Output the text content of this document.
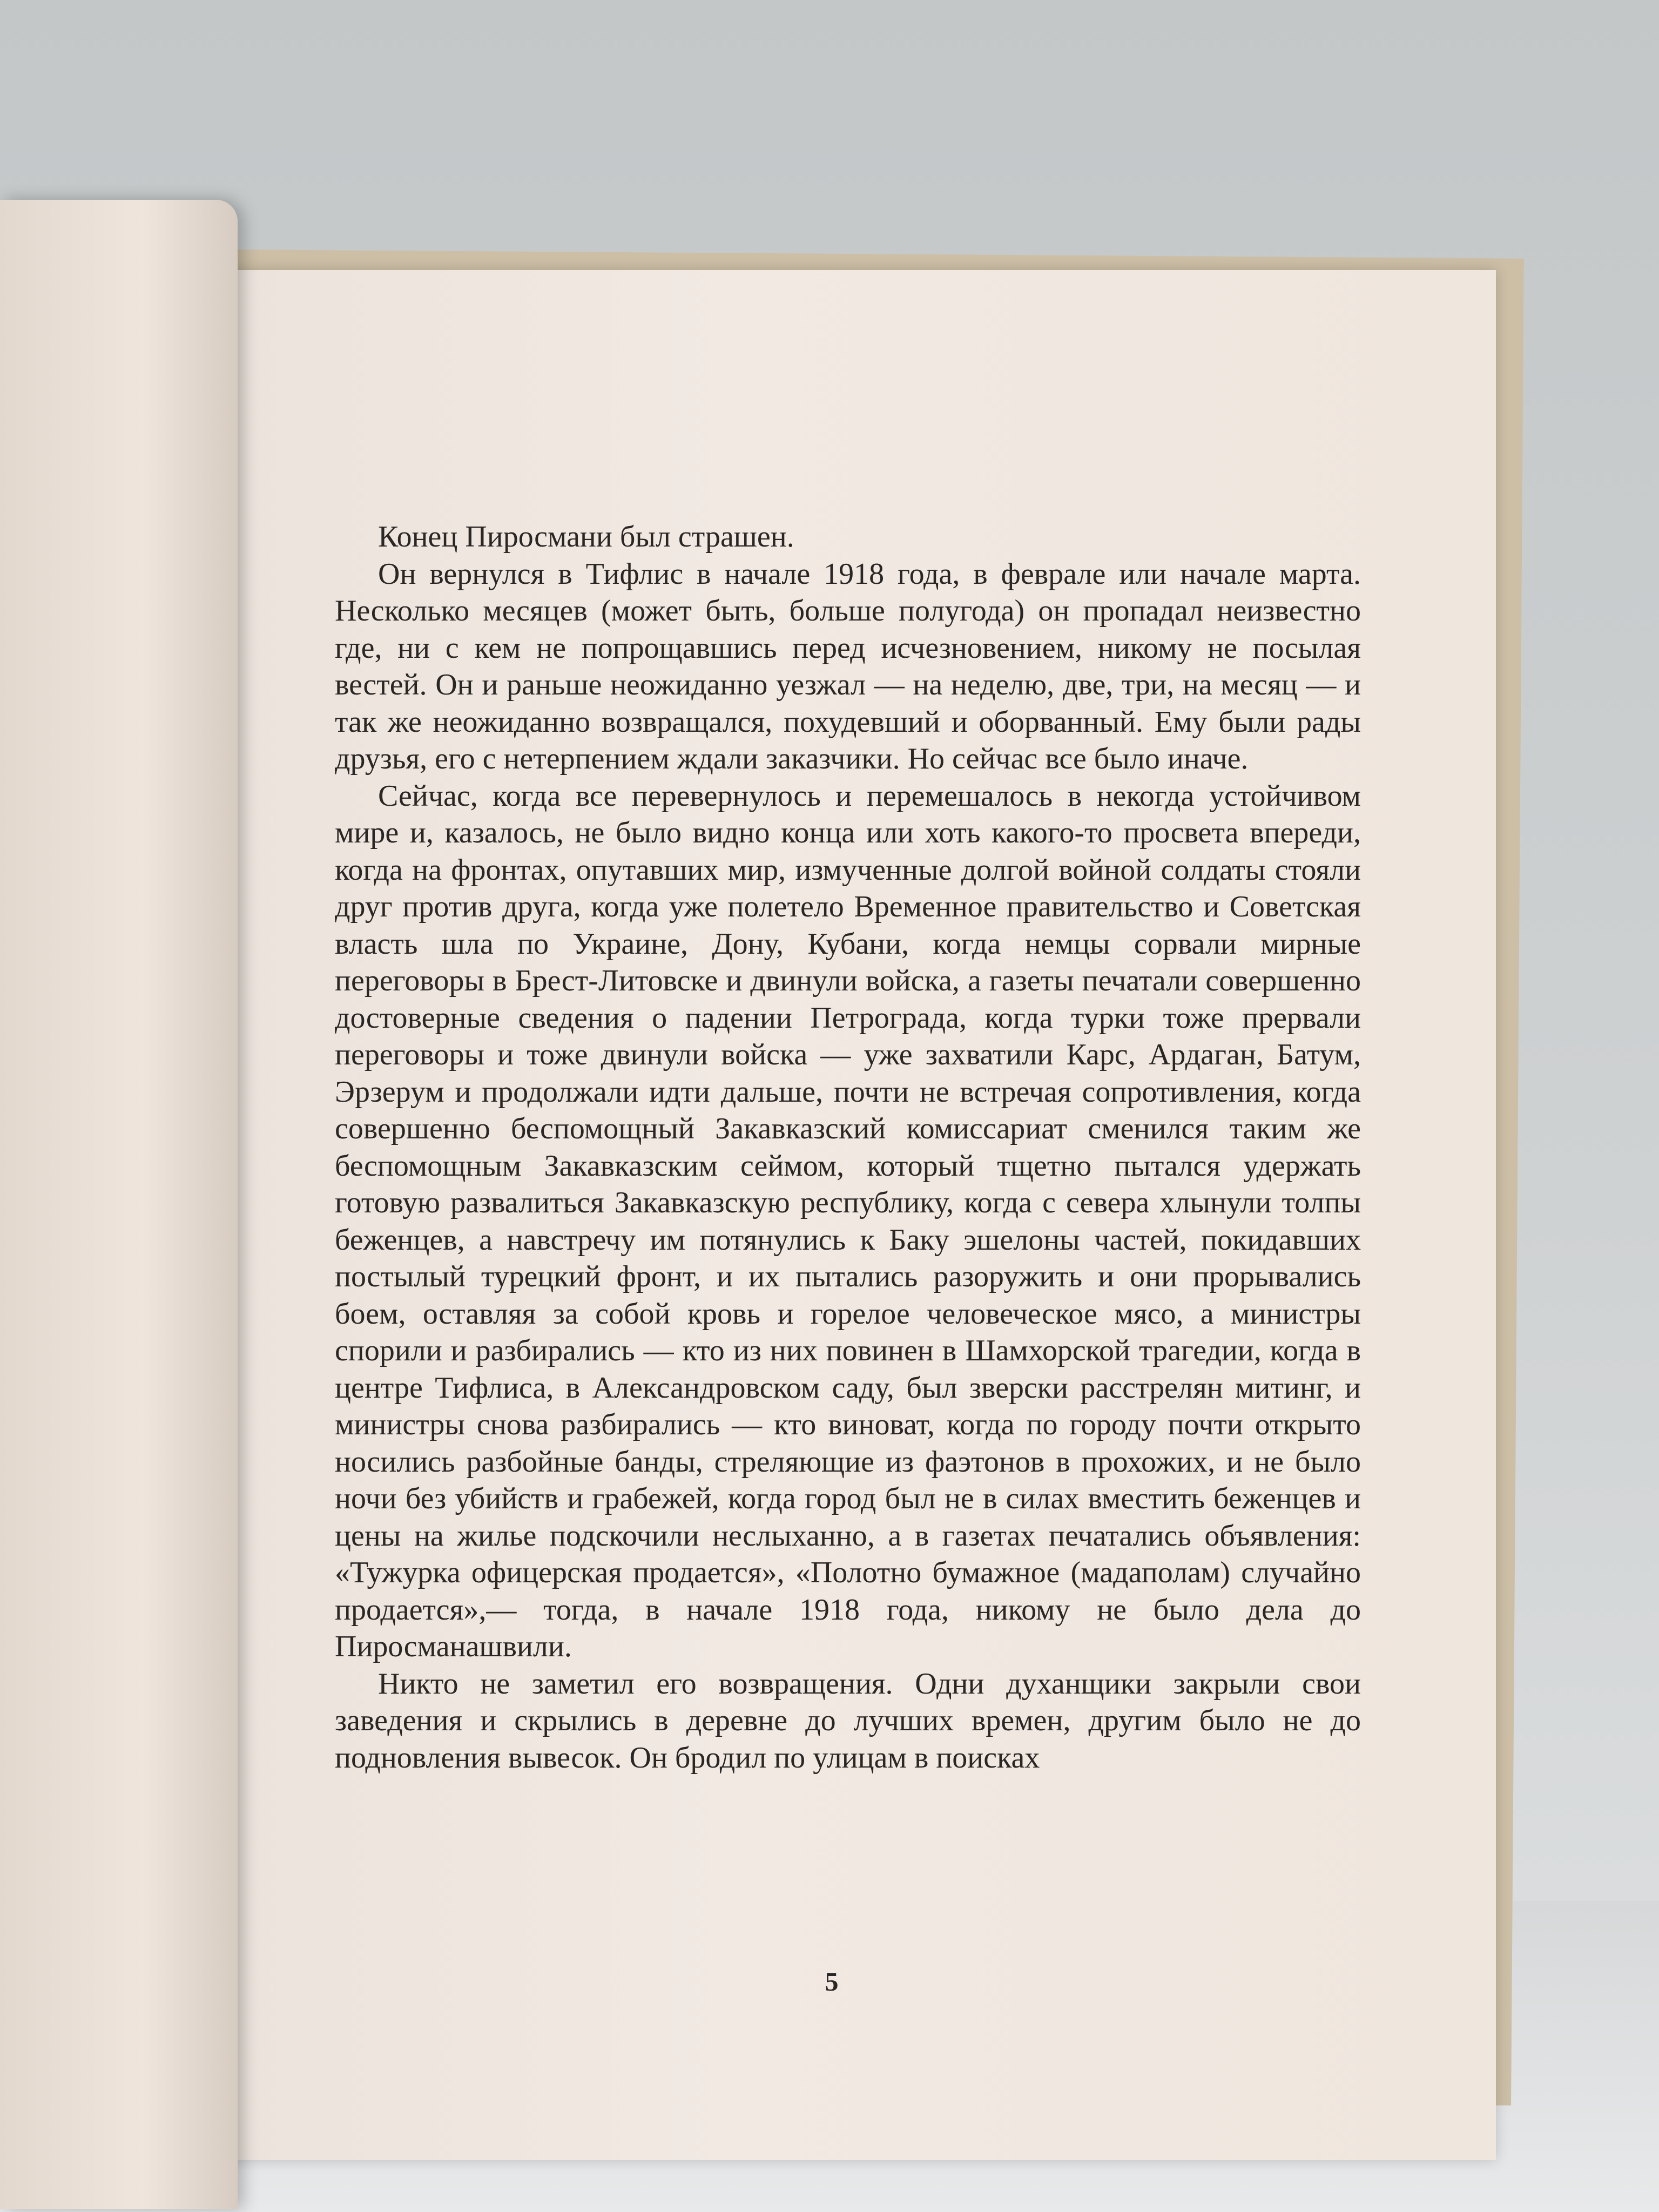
Конец Пиросмани был страшен.

Он вернулся в Тифлис в начале 1918 года, в феврале или начале марта. Несколько месяцев (может быть, больше полугода) он пропадал неизвестно где, ни с кем не попрощавшись перед исчезновением, никому не посылая вестей. Он и раньше неожиданно уезжал — на неделю, две, три, на месяц — и так же неожиданно возвращался, похудевший и оборванный. Ему были рады друзья, его с нетерпением ждали заказчики. Но сейчас все было иначе.

Сейчас, когда все перевернулось и перемешалось в некогда устойчивом мире и, казалось, не было видно конца или хоть какого-то просвета впереди, когда на фронтах, опутавших мир, измученные долгой войной солдаты стояли друг против друга, когда уже полетело Временное правительство и Советская власть шла по Украине, Дону, Кубани, когда немцы сорвали мирные переговоры в Брест-Литовске и двинули войска, а газеты печатали совершенно достоверные сведения о падении Петрограда, когда турки тоже прервали переговоры и тоже двинули войска — уже захватили Карс, Ардаган, Батум, Эрзерум и продолжали идти дальше, почти не встречая сопротивления, когда совершенно беспомощный Закавказский комиссариат сменился таким же беспомощным Закавказским сеймом, который тщетно пытался удержать готовую развалиться Закавказскую республику, когда с севера хлынули толпы беженцев, а навстречу им потянулись к Баку эшелоны частей, покидавших постылый турецкий фронт, и их пытались разоружить и они прорывались боем, оставляя за собой кровь и горелое человеческое мясо, а министры спорили и разбирались — кто из них повинен в Шамхорской трагедии, когда в центре Тифлиса, в Александровском саду, был зверски расстрелян митинг, и министры снова разбирались — кто виноват, когда по городу почти открыто носились разбойные банды, стреляющие из фаэтонов в прохожих, и не было ночи без убийств и грабежей, когда город был не в силах вместить беженцев и цены на жилье подскочили неслыханно, а в газетах печатались объявления: «Тужурка офицерская продается», «Полотно бумажное (мадаполам) случайно продается»,— тогда, в начале 1918 года, никому не было дела до Пиросманашвили.

Никто не заметил его возвращения. Одни духанщики закрыли свои заведения и скрылись в деревне до лучших времен, другим было не до подновления вывесок. Он бродил по улицам в поисках

5
